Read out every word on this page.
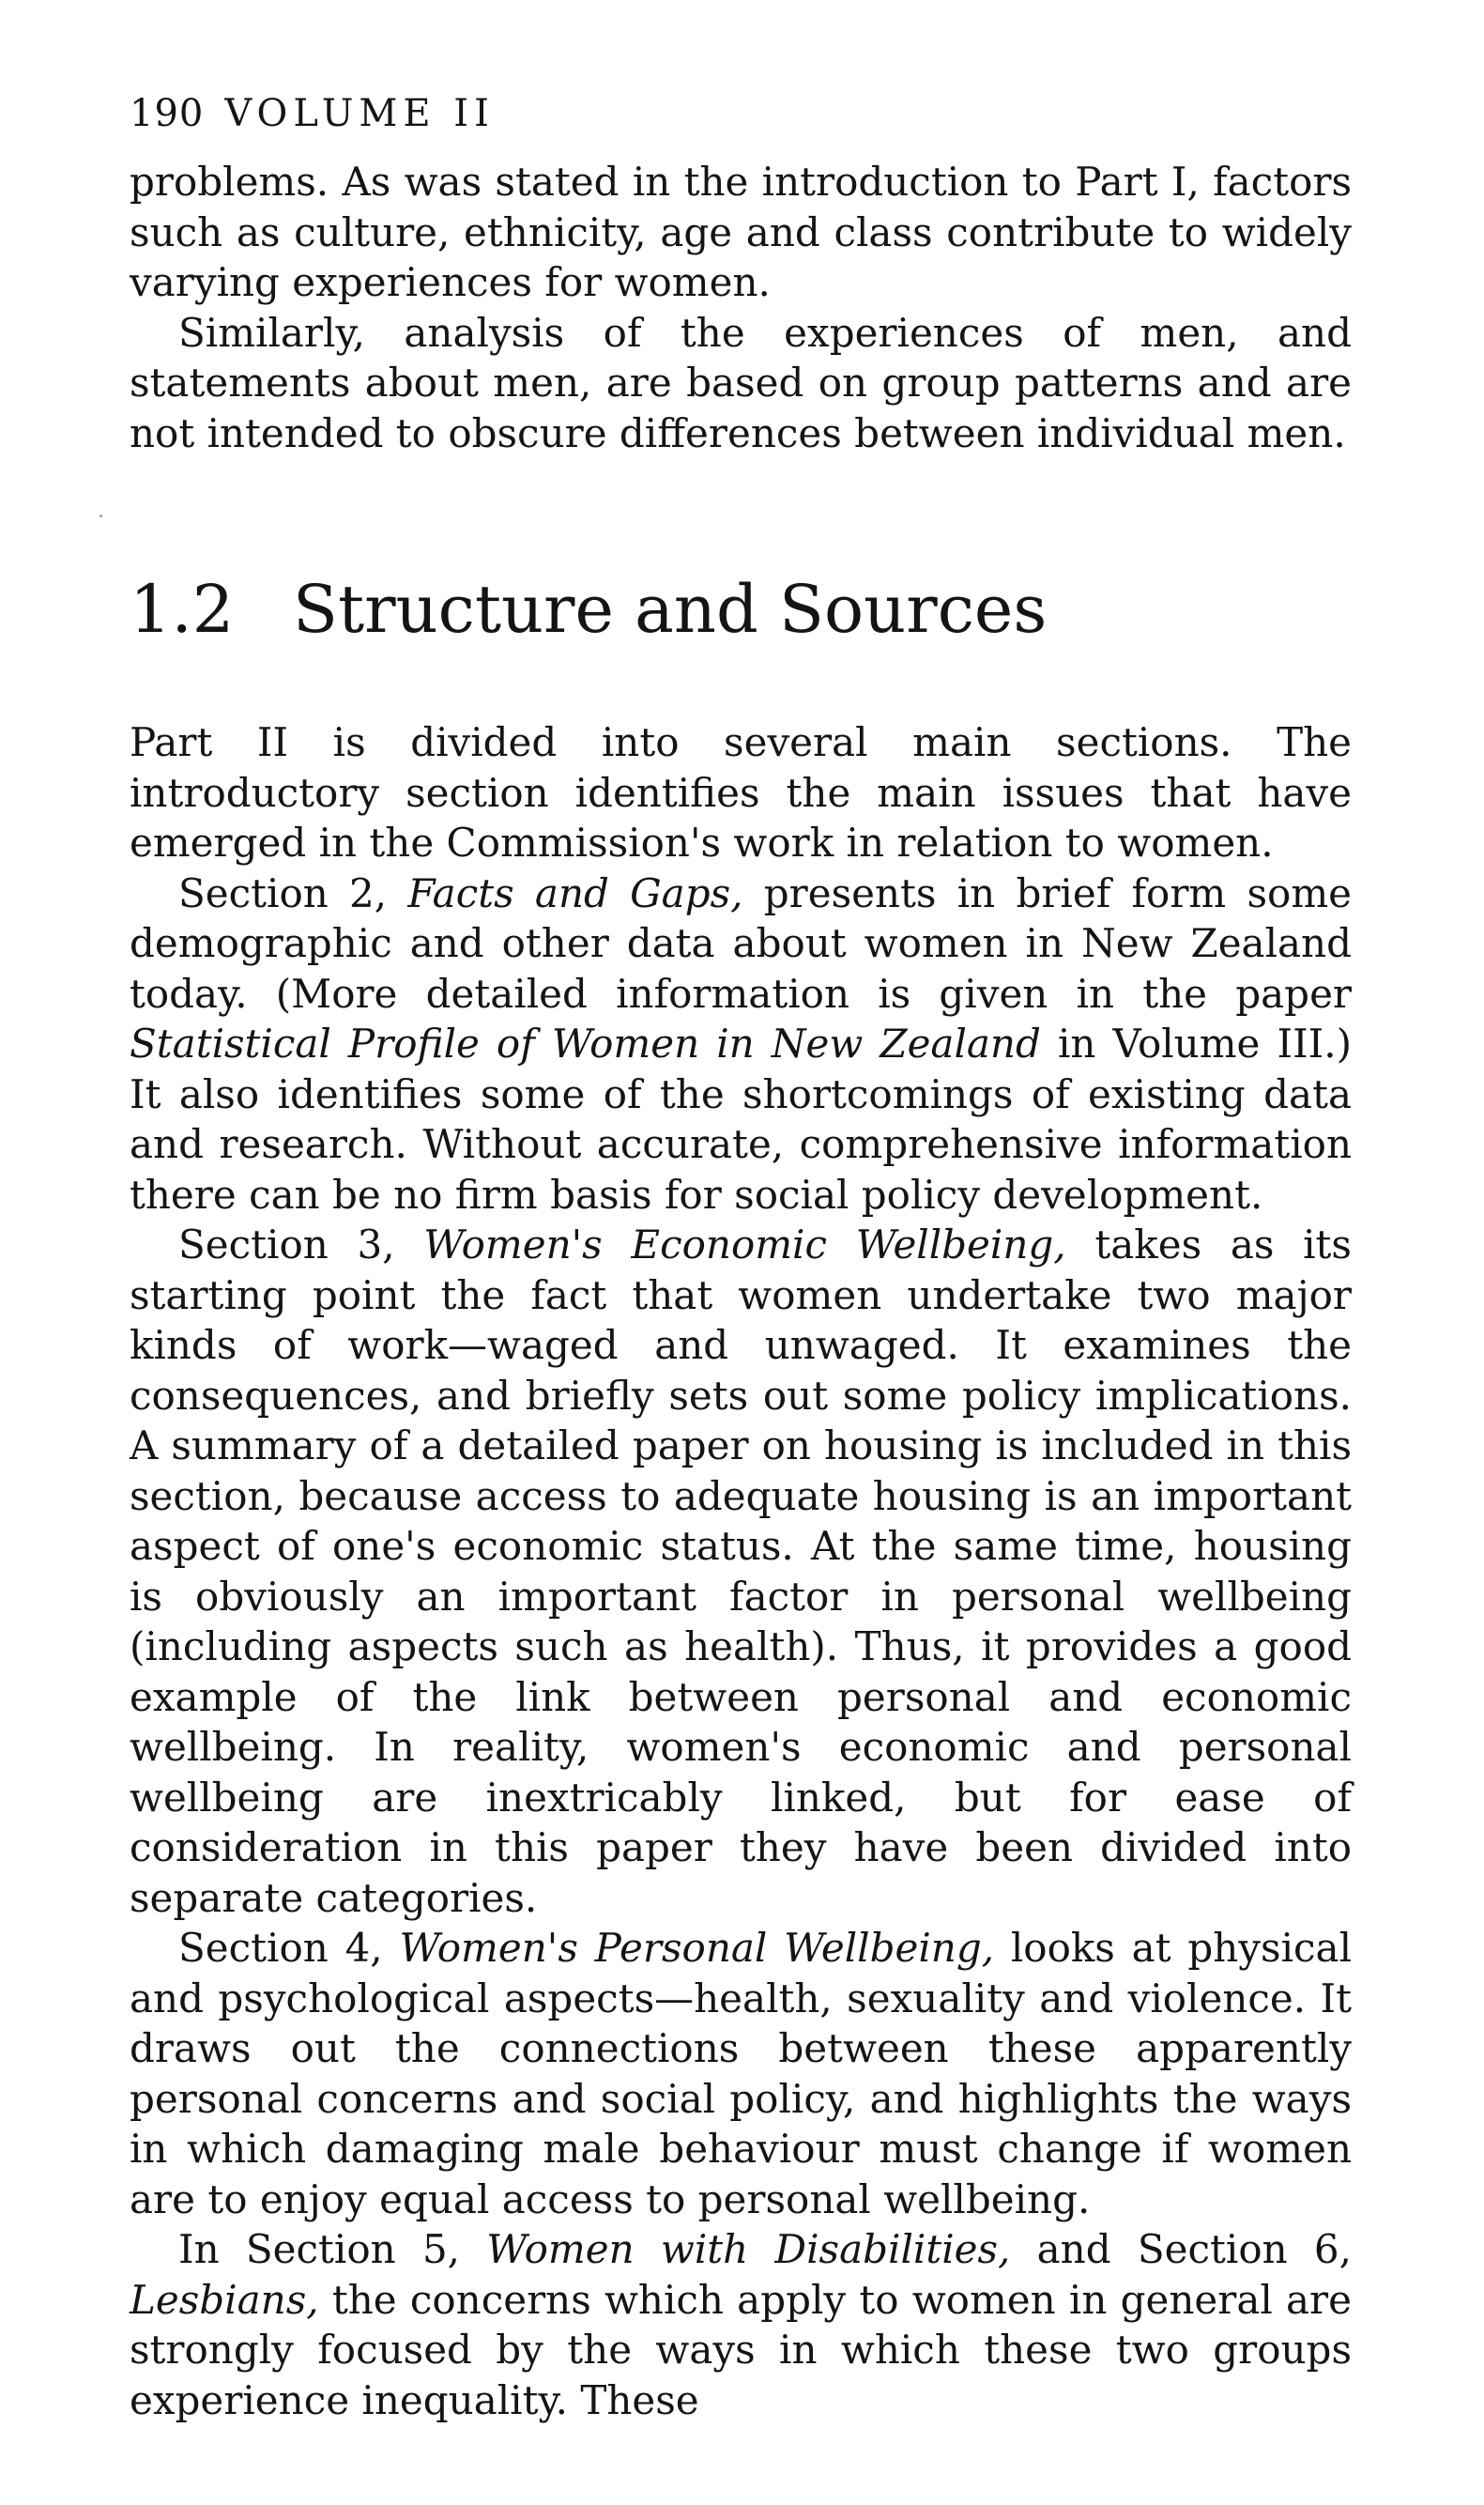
190 VOLUME II

problems. As was stated in the introduction to Part I, factors such as culture, ethnicity, age and class contribute to widely varying experiences for women.

Similarly, analysis of the experiences of men, and statements about men, are based on group patterns and are not intended to obscure differences between individual men.

1.2 Structure and Sources

Part II is divided into several main sections. The introductory section identifies the main issues that have emerged in the Commission's work in relation to women.

Section 2, Facts and Gaps, presents in brief form some demographic and other data about women in New Zealand today. (More detailed information is given in the paper Statistical Profile of Women in New Zealand in Volume III.) It also identifies some of the shortcomings of existing data and research. Without accurate, comprehensive information there can be no firm basis for social policy development.

Section 3, Women's Economic Wellbeing, takes as its starting point the fact that women undertake two major kinds of work—waged and unwaged. It examines the consequences, and briefly sets out some policy implications. A summary of a detailed paper on housing is included in this section, because access to adequate housing is an important aspect of one's economic status. At the same time, housing is obviously an important factor in personal wellbeing (including aspects such as health). Thus, it provides a good example of the link between personal and economic wellbeing. In reality, women's economic and personal wellbeing are inextricably linked, but for ease of consideration in this paper they have been divided into separate categories.

Section 4, Women's Personal Wellbeing, looks at physical and psychological aspects—health, sexuality and violence. It draws out the connections between these apparently personal concerns and social policy, and highlights the ways in which damaging male behaviour must change if women are to enjoy equal access to personal wellbeing.

In Section 5, Women with Disabilities, and Section 6, Lesbians, the concerns which apply to women in general are strongly focused by the ways in which these two groups experience inequality. These
